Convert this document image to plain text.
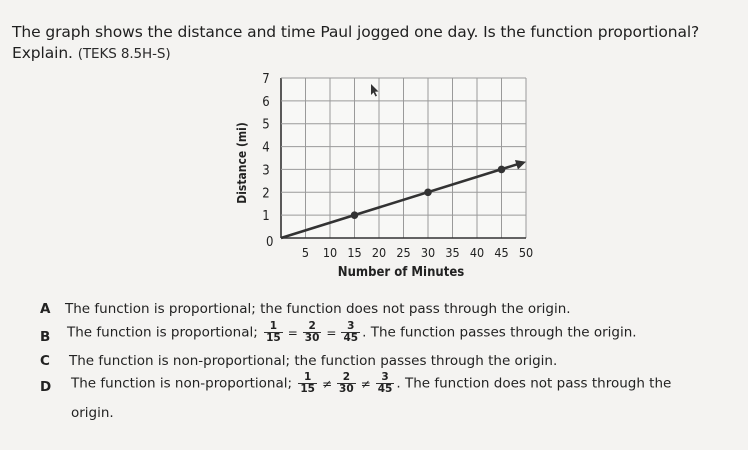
The graph shows the distance and time Paul jogged one day. Is the function proportional? Explain. (TEKS 8.5H-S)
5 10 15 20 25 30 35 40 45 50
1
2
3
4
5
6
7
0
Number of Minutes
Distance (mi)
A The function is proportional; the function does not pass through the origin.
B The function is proportional; $\frac{1}{15} = \frac{2}{30} = \frac{3}{45}$ . The function passes through the origin.
C The function is non-proportional; the function passes through the origin.
D The function is non-proportional; $\frac{1}{15} \ne \frac{2}{30} \ne \frac{3}{45}$ . The function does not pass through the
origin.
